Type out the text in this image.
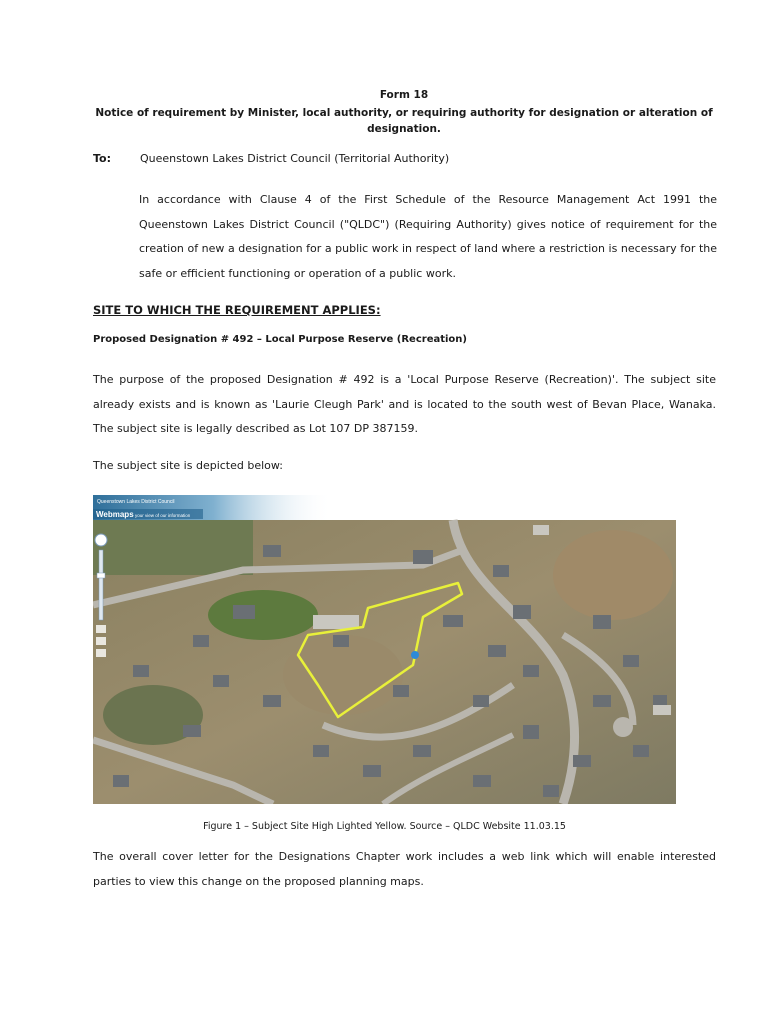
Form 18
Notice of requirement by Minister, local authority, or requiring authority for designation or alteration of designation.
To:	Queenstown Lakes District Council (Territorial Authority)
In accordance with Clause 4 of the First Schedule of the Resource Management Act 1991 the Queenstown Lakes District Council ("QLDC") (Requiring Authority) gives notice of requirement for the creation of new a designation for a public work in respect of land where a restriction is necessary for the safe or efficient functioning or operation of a public work.
SITE TO WHICH THE REQUIREMENT APPLIES:
Proposed Designation # 492 – Local Purpose Reserve (Recreation)
The purpose of the proposed Designation # 492 is a 'Local Purpose Reserve (Recreation)'. The subject site already exists and is known as 'Laurie Cleugh Park' and is located to the south west of Bevan Place, Wanaka. The subject site is legally described as Lot 107 DP 387159.
The subject site is depicted below:
Queenstown Lakes District Council
Webmaps your view of our information
Figure 1 – Subject Site High Lighted Yellow. Source – QLDC Website 11.03.15
The overall cover letter for the Designations Chapter work includes a web link which will enable interested parties to view this change on the proposed planning maps.
